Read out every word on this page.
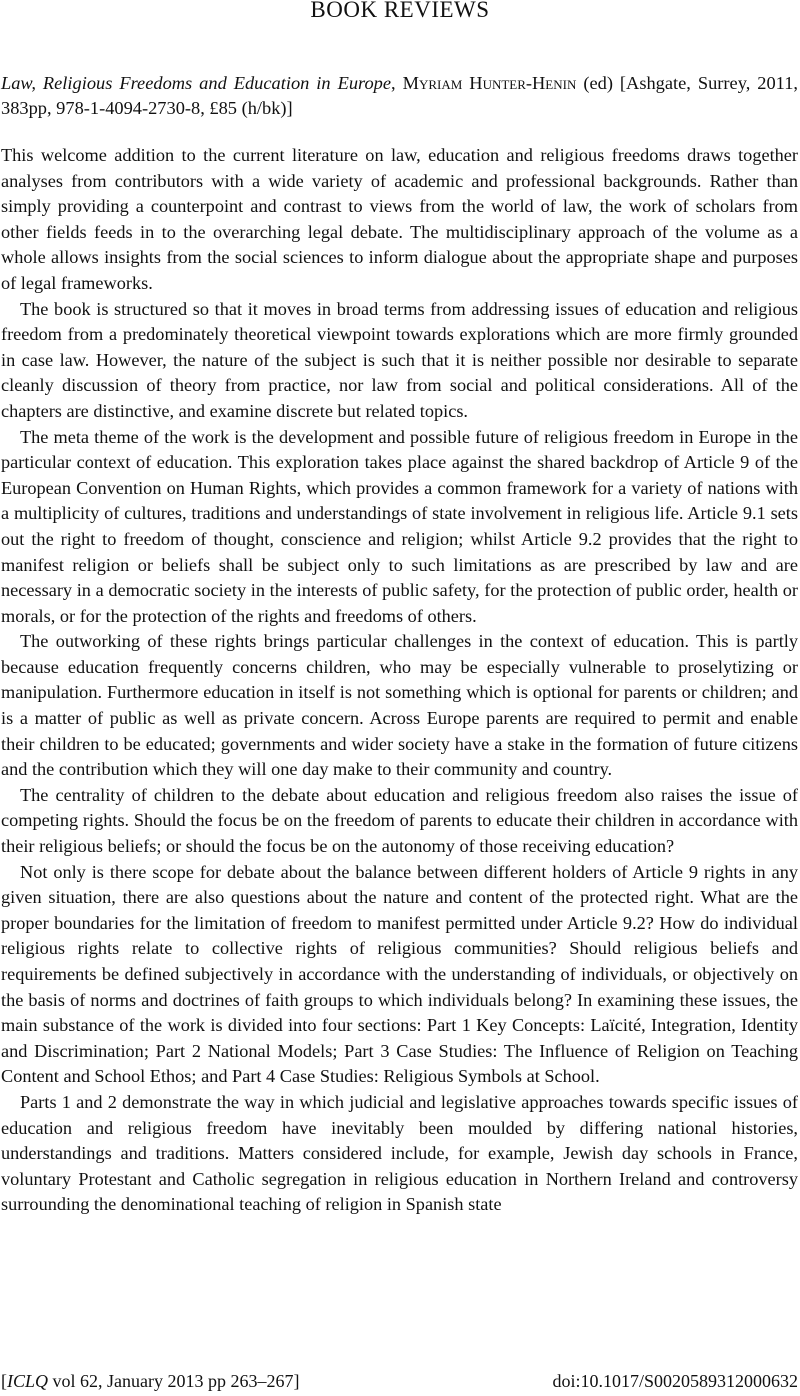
BOOK REVIEWS
Law, Religious Freedoms and Education in Europe, Myriam Hunter-Henin (ed) [Ashgate, Surrey, 2011, 383pp, 978-1-4094-2730-8, £85 (h/bk)]

This welcome addition to the current literature on law, education and religious freedoms draws together analyses from contributors with a wide variety of academic and professional backgrounds. Rather than simply providing a counterpoint and contrast to views from the world of law, the work of scholars from other fields feeds in to the overarching legal debate. The multidisciplinary approach of the volume as a whole allows insights from the social sciences to inform dialogue about the appropriate shape and purposes of legal frameworks.

The book is structured so that it moves in broad terms from addressing issues of education and religious freedom from a predominately theoretical viewpoint towards explorations which are more firmly grounded in case law. However, the nature of the subject is such that it is neither possible nor desirable to separate cleanly discussion of theory from practice, nor law from social and political considerations. All of the chapters are distinctive, and examine discrete but related topics.

The meta theme of the work is the development and possible future of religious freedom in Europe in the particular context of education. This exploration takes place against the shared backdrop of Article 9 of the European Convention on Human Rights, which provides a common framework for a variety of nations with a multiplicity of cultures, traditions and understandings of state involvement in religious life. Article 9.1 sets out the right to freedom of thought, conscience and religion; whilst Article 9.2 provides that the right to manifest religion or beliefs shall be subject only to such limitations as are prescribed by law and are necessary in a democratic society in the interests of public safety, for the protection of public order, health or morals, or for the protection of the rights and freedoms of others.

The outworking of these rights brings particular challenges in the context of education. This is partly because education frequently concerns children, who may be especially vulnerable to proselytizing or manipulation. Furthermore education in itself is not something which is optional for parents or children; and is a matter of public as well as private concern. Across Europe parents are required to permit and enable their children to be educated; governments and wider society have a stake in the formation of future citizens and the contribution which they will one day make to their community and country.

The centrality of children to the debate about education and religious freedom also raises the issue of competing rights. Should the focus be on the freedom of parents to educate their children in accordance with their religious beliefs; or should the focus be on the autonomy of those receiving education?

Not only is there scope for debate about the balance between different holders of Article 9 rights in any given situation, there are also questions about the nature and content of the protected right. What are the proper boundaries for the limitation of freedom to manifest permitted under Article 9.2? How do individual religious rights relate to collective rights of religious communities? Should religious beliefs and requirements be defined subjectively in accordance with the understanding of individuals, or objectively on the basis of norms and doctrines of faith groups to which individuals belong? In examining these issues, the main substance of the work is divided into four sections: Part 1 Key Concepts: Laïcité, Integration, Identity and Discrimination; Part 2 National Models; Part 3 Case Studies: The Influence of Religion on Teaching Content and School Ethos; and Part 4 Case Studies: Religious Symbols at School.

Parts 1 and 2 demonstrate the way in which judicial and legislative approaches towards specific issues of education and religious freedom have inevitably been moulded by differing national histories, understandings and traditions. Matters considered include, for example, Jewish day schools in France, voluntary Protestant and Catholic segregation in religious education in Northern Ireland and controversy surrounding the denominational teaching of religion in Spanish state

[ICLQ vol 62, January 2013 pp 263–267]	doi:10.1017/S0020589312000632
